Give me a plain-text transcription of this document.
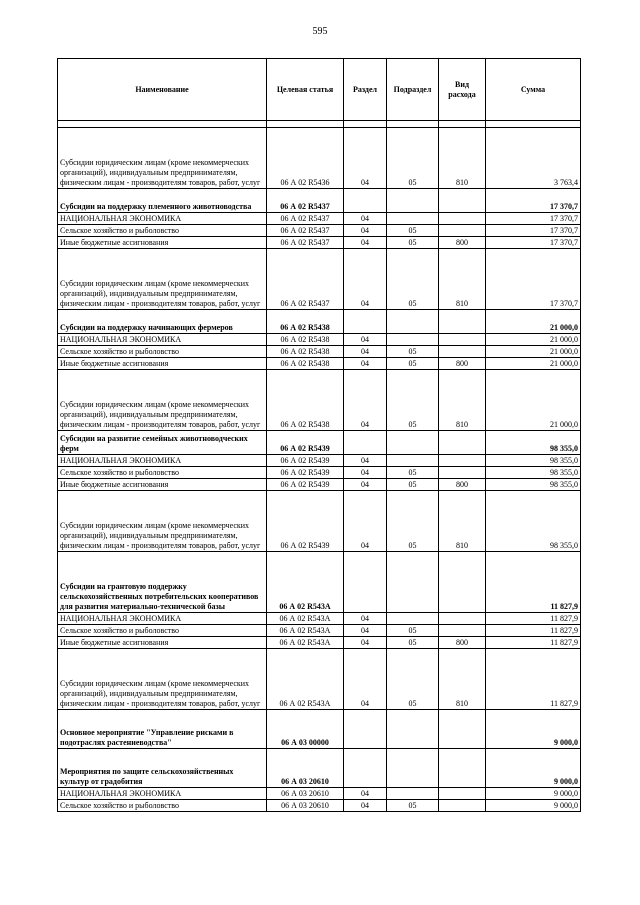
595
Наименование	Целевая статья	Раздел	Подраздел	Вид расхода	Сумма

Субсидии юридическим лицам (кроме некоммерческих организаций), индивидуальным предпринимателям, физическим лицам - производителям товаров, работ, услуг	06 А 02 R5436	04	05	810	3 763,4
Субсидии на поддержку племенного животноводства	06 А 02 R5437				17 370,7
НАЦИОНАЛЬНАЯ ЭКОНОМИКА	06 А 02 R5437	04			17 370,7
Сельское хозяйство и рыболовство	06 А 02 R5437	04	05		17 370,7
Иные бюджетные ассигнования	06 А 02 R5437	04	05	800	17 370,7
Субсидии юридическим лицам (кроме некоммерческих организаций), индивидуальным предпринимателям, физическим лицам - производителям товаров, работ, услуг	06 А 02 R5437	04	05	810	17 370,7
Субсидии на поддержку начинающих фермеров	06 А 02 R5438				21 000,0
НАЦИОНАЛЬНАЯ ЭКОНОМИКА	06 А 02 R5438	04			21 000,0
Сельское хозяйство и рыболовство	06 А 02 R5438	04	05		21 000,0
Иные бюджетные ассигнования	06 А 02 R5438	04	05	800	21 000,0
Субсидии юридическим лицам (кроме некоммерческих организаций), индивидуальным предпринимателям, физическим лицам - производителям товаров, работ, услуг	06 А 02 R5438	04	05	810	21 000,0
Субсидии на развитие семейных животноводческих ферм	06 А 02 R5439				98 355,0
НАЦИОНАЛЬНАЯ ЭКОНОМИКА	06 А 02 R5439	04			98 355,0
Сельское хозяйство и рыболовство	06 А 02 R5439	04	05		98 355,0
Иные бюджетные ассигнования	06 А 02 R5439	04	05	800	98 355,0
Субсидии юридическим лицам (кроме некоммерческих организаций), индивидуальным предпринимателям, физическим лицам - производителям товаров, работ, услуг	06 А 02 R5439	04	05	810	98 355,0
Субсидии на грантовую поддержку сельскохозяйственных потребительских кооперативов для развития материально-технической базы	06 А 02 R543A				11 827,9
НАЦИОНАЛЬНАЯ ЭКОНОМИКА	06 А 02 R543A	04			11 827,9
Сельское хозяйство и рыболовство	06 А 02 R543A	04	05		11 827,9
Иные бюджетные ассигнования	06 А 02 R543A	04	05	800	11 827,9
Субсидии юридическим лицам (кроме некоммерческих организаций), индивидуальным предпринимателям, физическим лицам - производителям товаров, работ, услуг	06 А 02 R543A	04	05	810	11 827,9
Основное мероприятие "Управление рисками в подотраслях растениеводства"	06 А 03 00000				9 000,0
Мероприятия по защите сельскохозяйственных культур от градобития	06 А 03 20610				9 000,0
НАЦИОНАЛЬНАЯ ЭКОНОМИКА	06 А 03 20610	04			9 000,0
Сельское хозяйство и рыболовство	06 А 03 20610	04	05		9 000,0
